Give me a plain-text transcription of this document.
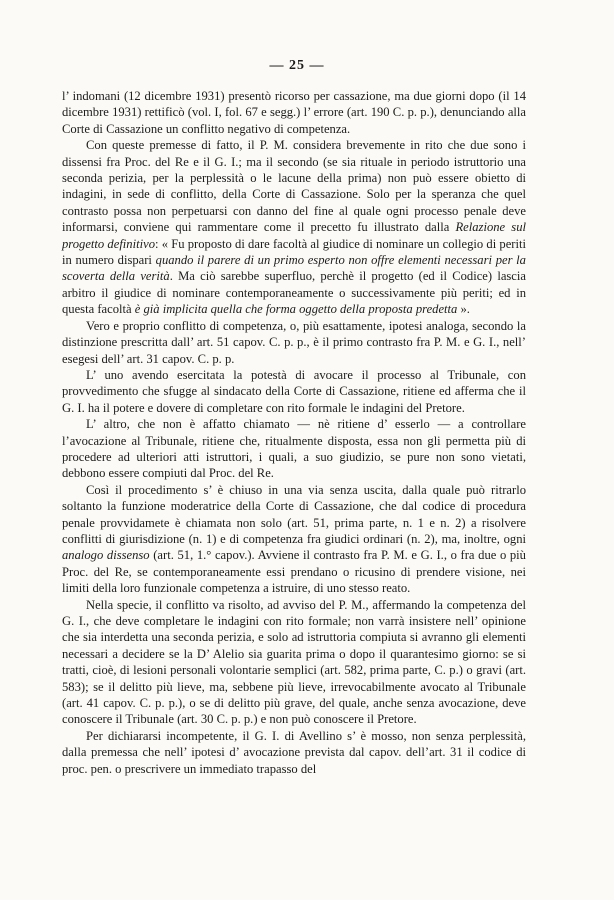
— 25 —

l’ indomani (12 dicembre 1931) presentò ricorso per cassazione, ma due giorni dopo (il 14 dicembre 1931) rettificò (vol. I, fol. 67 e segg.) l’ errore (art. 190 C. p. p.), denunciando alla Corte di Cassazione un conflitto negativo di competenza.

Con queste premesse di fatto, il P. M. considera brevemente in rito che due sono i dissensi fra Proc. del Re e il G. I.; ma il secondo (se sia rituale in periodo istruttorio una seconda perizia, per la perplessità o le lacune della prima) non può essere obietto di indagini, in sede di conflitto, della Corte di Cassazione. Solo per la speranza che quel contrasto possa non perpetuarsi con danno del fine al quale ogni processo penale deve informarsi, conviene qui rammentare come il precetto fu illustrato dalla Relazione sul progetto definitivo: « Fu proposto di dare facoltà al giudice di nominare un collegio di periti in numero dispari quando il parere di un primo esperto non offre elementi necessari per la scoverta della verità. Ma ciò sarebbe superfluo, perchè il progetto (ed il Codice) lascia arbitro il giudice di nominare contemporaneamente o successivamente più periti; ed in questa facoltà è già implicita quella che forma oggetto della proposta predetta ».

Vero e proprio conflitto di competenza, o, più esattamente, ipotesi analoga, secondo la distinzione prescritta dall’ art. 51 capov. C. p. p., è il primo contrasto fra P. M. e G. I., nell’ esegesi dell’ art. 31 capov. C. p. p.

L’ uno avendo esercitata la potestà di avocare il processo al Tribunale, con provvedimento che sfugge al sindacato della Corte di Cassazione, ritiene ed afferma che il G. I. ha il potere e dovere di completare con rito formale le indagini del Pretore.

L’ altro, che non è affatto chiamato — nè ritiene d’ esserlo — a controllare l’avocazione al Tribunale, ritiene che, ritualmente disposta, essa non gli permetta più di procedere ad ulteriori atti istruttori, i quali, a suo giudizio, se pure non sono vietati, debbono essere compiuti dal Proc. del Re.

Così il procedimento s’ è chiuso in una via senza uscita, dalla quale può ritrarlo soltanto la funzione moderatrice della Corte di Cassazione, che dal codice di procedura penale provvidamete è chiamata non solo (art. 51, prima parte, n. 1 e n. 2) a risolvere conflitti di giurisdizione (n. 1) e di competenza fra giudici ordinari (n. 2), ma, inoltre, ogni analogo dissenso (art. 51, 1.° capov.). Avviene il contrasto fra P. M. e G. I., o fra due o più Proc. del Re, se contemporaneamente essi prendano o ricusino di prendere visione, nei limiti della loro funzionale competenza a istruire, di uno stesso reato.

Nella specie, il conflitto va risolto, ad avviso del P. M., affermando la competenza del G. I., che deve completare le indagini con rito formale; non varrà insistere nell’ opinione che sia interdetta una seconda perizia, e solo ad istruttoria compiuta si avranno gli elementi necessari a decidere se la D’ Alelio sia guarita prima o dopo il quarantesimo giorno: se si tratti, cioè, di lesioni personali volontarie semplici (art. 582, prima parte, C. p.) o gravi (art. 583); se il delitto più lieve, ma, sebbene più lieve, irrevocabilmente avocato al Tribunale (art. 41 capov. C. p. p.), o se di delitto più grave, del quale, anche senza avocazione, deve conoscere il Tribunale (art. 30 C. p. p.) e non può conoscere il Pretore.

Per dichiararsi incompetente, il G. I. di Avellino s’ è mosso, non senza perplessità, dalla premessa che nell’ ipotesi d’ avocazione prevista dal capov. dell’art. 31 il codice di proc. pen. o prescrivere un immediato trapasso del
